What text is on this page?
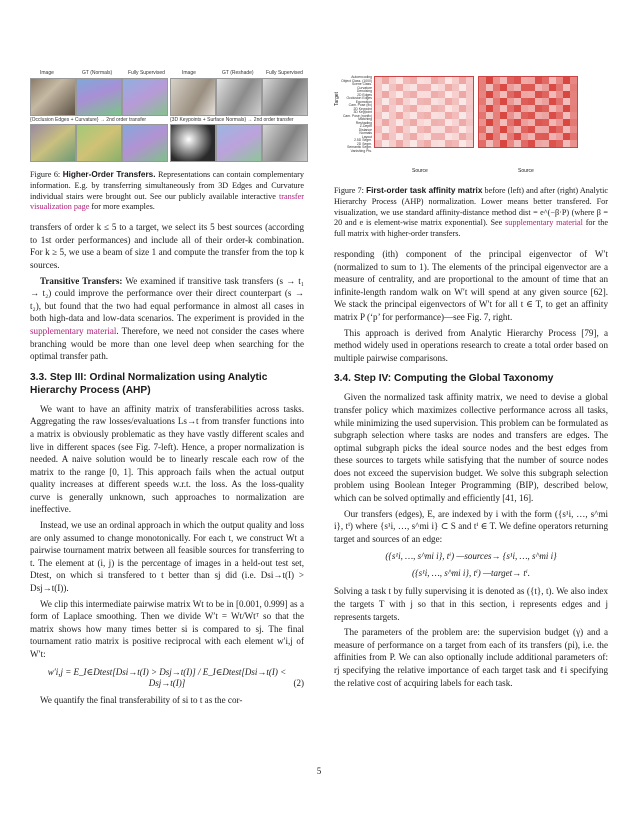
Image	GT (Normals)	Fully Supervised	Image	GT (Reshade) Fully Supervised
{Occlusion Edges + Curvature} → 2nd order transfer	{3D Keypoints + Surface Normals} → 2nd order transfer
Figure 6: Higher-Order Transfers. Representations can contain complementary information. E.g. by transferring simultaneously from 3D Edges and Curvature individual stairs were brought out. See our publicly available interactive transfer visualization page for more examples.

transfers of order k ≤ 5 to a target, we select its 5 best sources (according to 1st order performances) and include all of their order-k combination. For k ≥ 5, we use a beam of size 1 and compute the transfer from the top k sources.

Transitive Transfers: We examined if transitive task transfers (s → t₁ → t₂) could improve the performance over their direct counterpart (s → t₂), but found that the two had equal performance in almost all cases in both high-data and low-data scenarios. The experiment is provided in the supplementary material. Therefore, we need not consider the cases where branching would be more than one level deep when searching for the optimal transfer path.

3.3. Step III: Ordinal Normalization using Analytic Hierarchy Process (AHP)

We want to have an affinity matrix of transferabilities across tasks. Aggregating the raw losses/evaluations Ls→t from transfer functions into a matrix is obviously problematic as they have vastly different scales and live in different spaces (see Fig. 7-left). Hence, a proper normalization is needed. A naive solution would be to linearly rescale each row of the matrix to the range [0, 1]. This approach fails when the actual output quality increases at different speeds w.r.t. the loss. As the loss-quality curve is generally unknown, such approaches to normalization are ineffective.

Instead, we use an ordinal approach in which the output quality and loss are only assumed to change monotonically. For each t, we construct Wt a pairwise tournament matrix between all feasible sources for transferring to t. The element at (i, j) is the percentage of images in a held-out test set, Dtest, on which si transfered to t better than sj did (i.e. Dsi→t(I) > Dsj→t(I)).

We clip this intermediate pairwise matrix Wt to be in [0.001, 0.999] as a form of Laplace smoothing. Then we divide W′t = Wt/Wtᵀ so that the matrix shows how many times better si is compared to sj. The final tournament ratio matrix is positive reciprocal with each element w′i,j of W′t:

w′i,j = E_I∈Dtest[Dsi→t(I) > Dsj→t(I)] / E_I∈Dtest[Dsi→t(I) < Dsj→t(I)]	(2)

We quantify the final transferability of si to t as the cor-

Autoencoding
Object Class. (1000)
Scene Class.
Curvature
Denoising
2D Edges
Occlusion Edges
Egomotion
Cam. Pose (fix)
2D Keypoint
3D Keypoint
Cam. Pose (nonfix)
Matching
Reshading
Z-Depth
Distance
Normals
Layout
2.5D Segm.
2D Segm.
Semantic Segm.
Vanishing Pts.
Target
Source	Source
Figure 7: First-order task affinity matrix before (left) and after (right) Analytic Hierarchy Process (AHP) normalization. Lower means better transfered. For visualization, we use standard affinity-distance method dist = e^(−β·P) (where β = 20 and e is element-wise matrix exponential). See supplementary material for the full matrix with higher-order transfers.

responding (ith) component of the principal eigenvector of W′t (normalized to sum to 1). The elements of the principal eigenvector are a measure of centrality, and are proportional to the amount of time that an infinite-length random walk on W′t will spend at any given source [62]. We stack the principal eigenvectors of W′t for all t ∈ T, to get an affinity matrix P (‘p’ for performance)—see Fig. 7, right.

This approach is derived from Analytic Hierarchy Process [79], a method widely used in operations research to create a total order based on multiple pairwise comparisons.

3.4. Step IV: Computing the Global Taxonomy

Given the normalized task affinity matrix, we need to devise a global transfer policy which maximizes collective performance across all tasks, while minimizing the used supervision. This problem can be formulated as subgraph selection where tasks are nodes and transfers are edges. The optimal subgraph picks the ideal source nodes and the best edges from these sources to targets while satisfying that the number of source nodes does not exceed the supervision budget. We solve this subgraph selection problem using Boolean Integer Programming (BIP), described below, which can be solved optimally and efficiently [41, 16].

Our transfers (edges), E, are indexed by i with the form ({s¹i, …, s^mi i}, tⁱ) where {s¹i, …, s^mi i} ⊂ S and tⁱ ∈ T. We define operators returning target and sources of an edge:

({s¹i, …, s^mi i}, tⁱ) —sources→ {s¹i, …, s^mi i}
({s¹i, …, s^mi i}, tⁱ) —target→ tⁱ.

Solving a task t by fully supervising it is denoted as ({t}, t). We also index the targets T with j so that in this section, i represents edges and j represents targets.

The parameters of the problem are: the supervision budget (γ) and a measure of performance on a target from each of its transfers (pi), i.e. the affinities from P. We can also optionally include additional parameters of: rj specifying the relative importance of each target task and ℓi specifying the relative cost of acquiring labels for each task.

5
